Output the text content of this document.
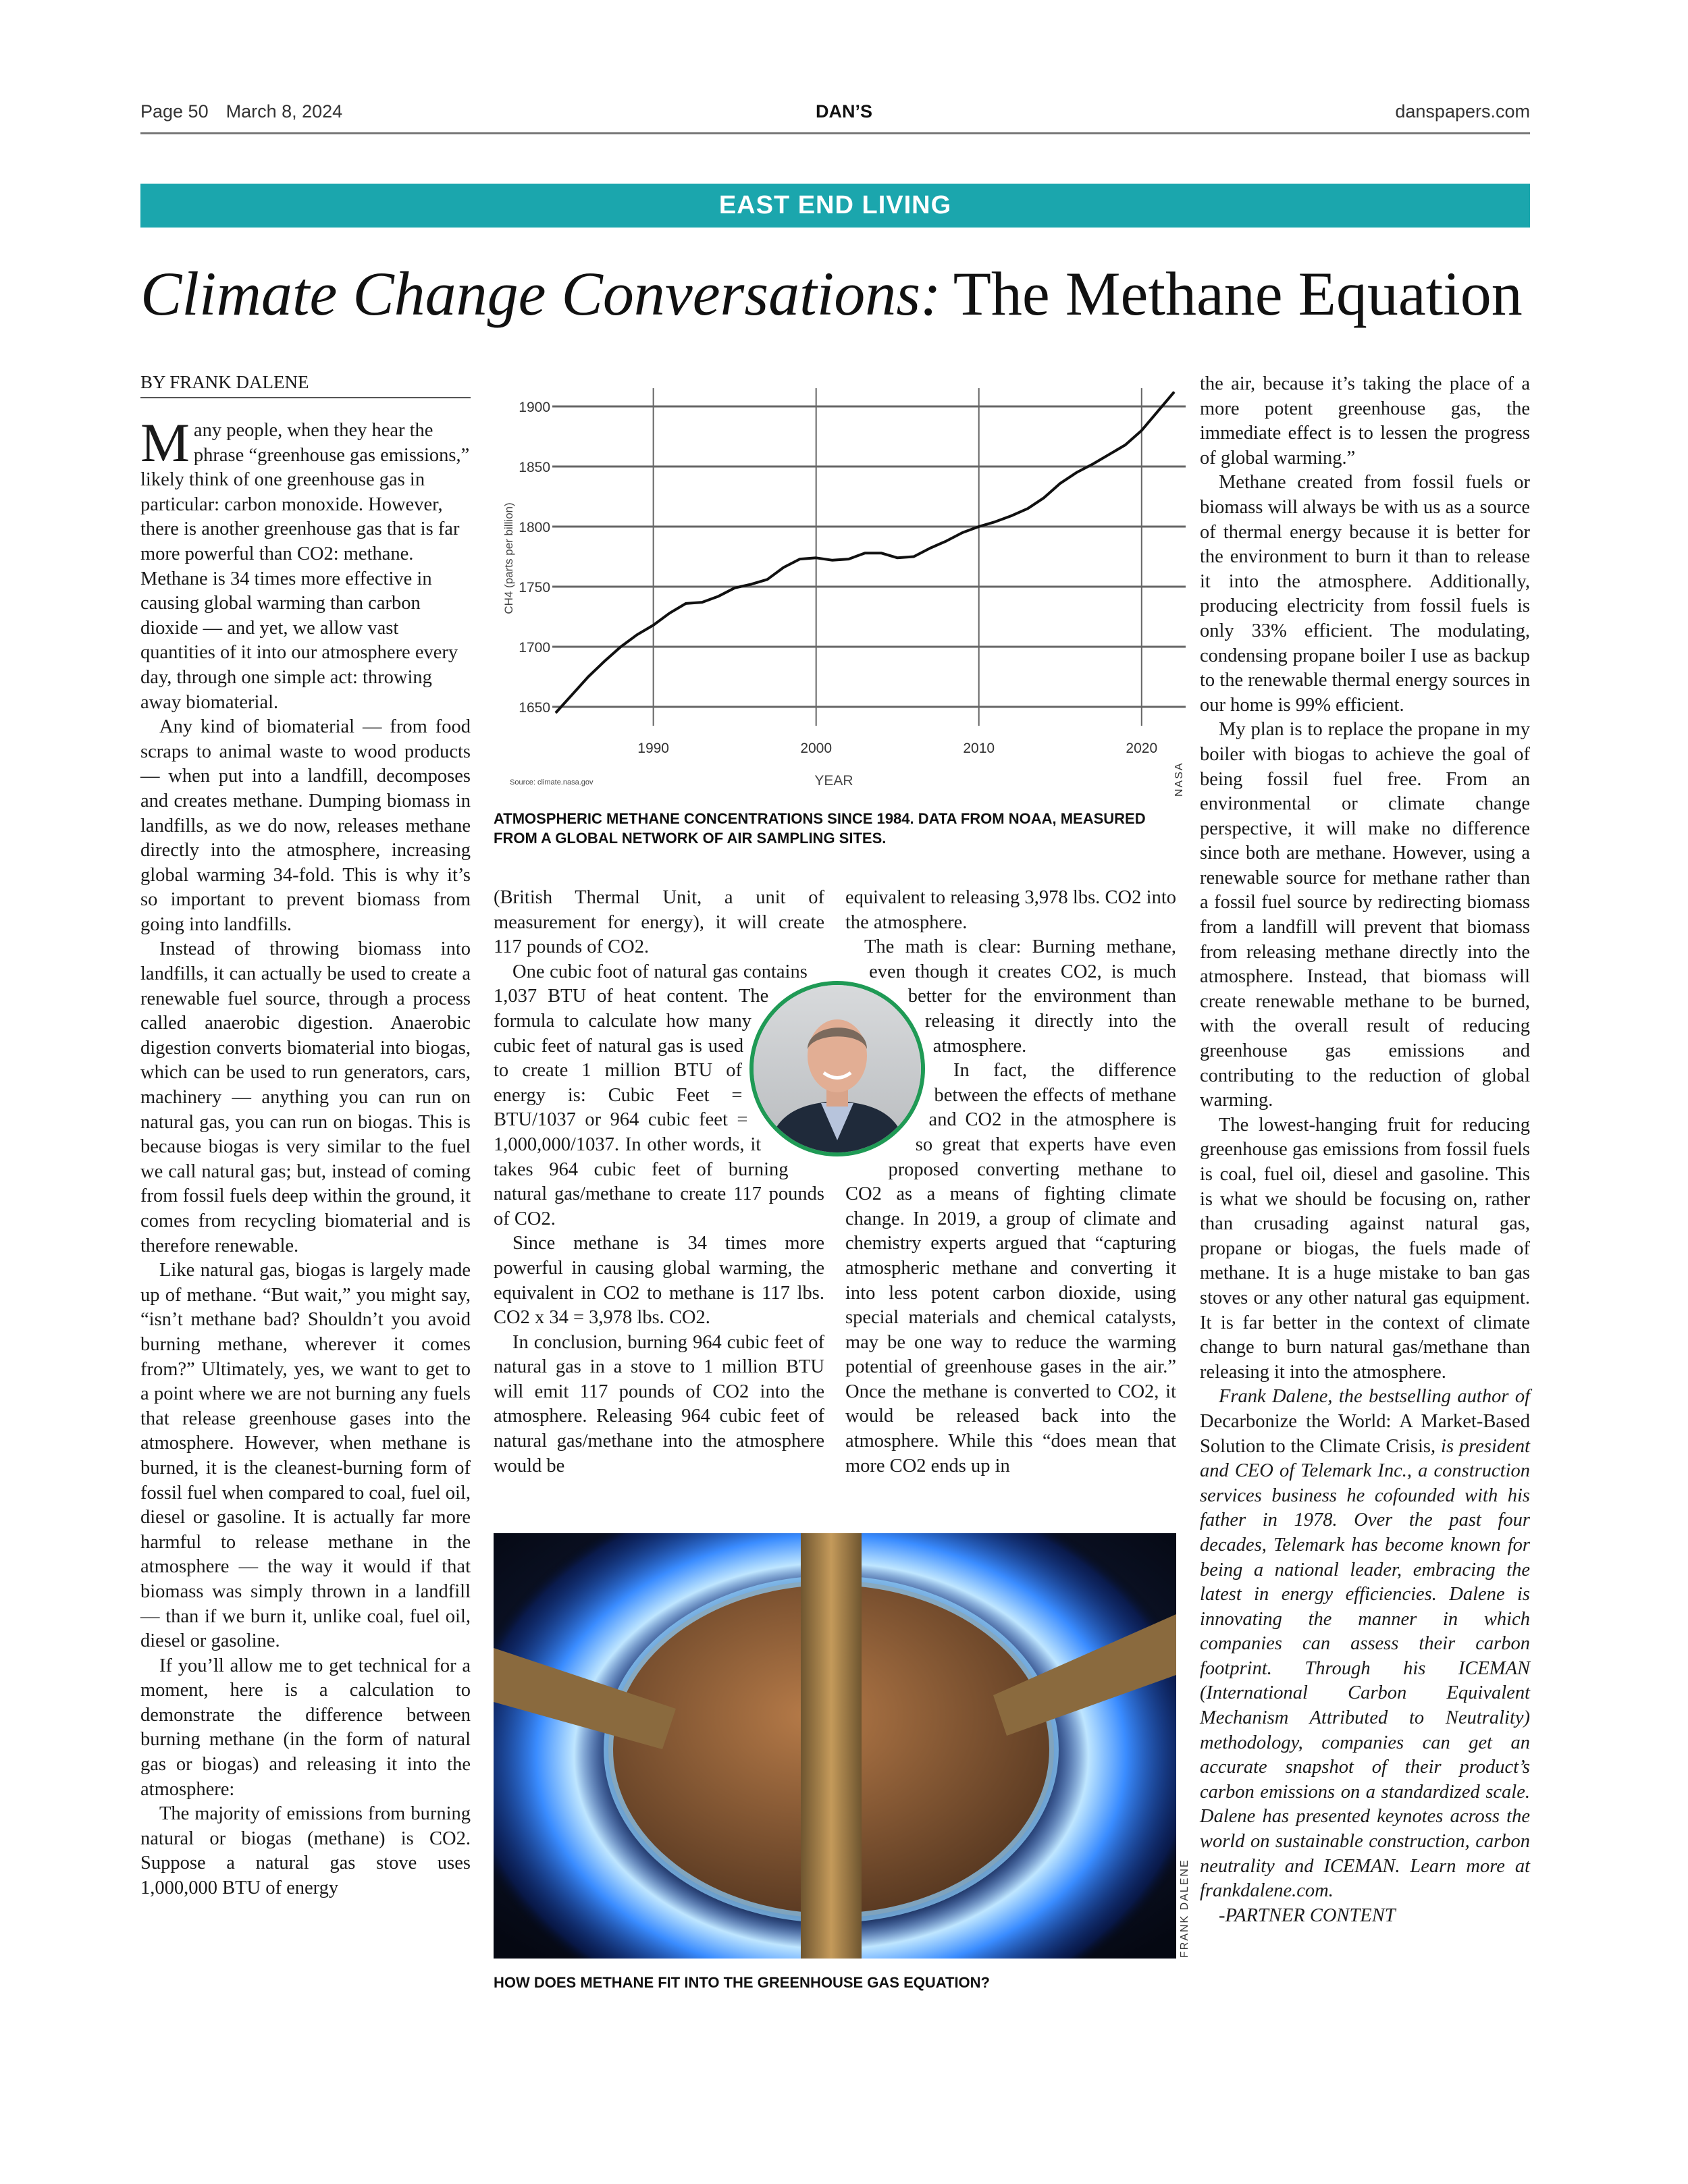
Page 50 March 8, 2024	DAN’S	danspapers.com
EAST END LIVING
Climate Change Conversations: The Methane Equation
BY FRANK DALENE

Many people, when they hear the phrase “greenhouse gas emissions,” likely think of one greenhouse gas in particular: carbon monoxide. However, there is another greenhouse gas that is far more powerful than CO2: methane. Methane is 34 times more effective in causing global warming than carbon dioxide — and yet, we allow vast quantities of it into our atmosphere every day, through one simple act: throwing away biomaterial.

Any kind of biomaterial — from food scraps to animal waste to wood products — when put into a landfill, decomposes and creates methane. Dumping biomass in landfills, as we do now, releases methane directly into the atmosphere, increasing global warming 34-fold. This is why it’s so important to prevent biomass from going into landfills.

Instead of throwing biomass into landfills, it can actually be used to create a renewable fuel source, through a process called anaerobic digestion. Anaerobic digestion converts biomaterial into biogas, which can be used to run generators, cars, machinery — anything you can run on natural gas, you can run on biogas. This is because biogas is very similar to the fuel we call natural gas; but, instead of coming from fossil fuels deep within the ground, it comes from recycling biomaterial and is therefore renewable.

Like natural gas, biogas is largely made up of methane. “But wait,” you might say, “isn’t methane bad? Shouldn’t you avoid burning methane, wherever it comes from?” Ultimately, yes, we want to get to a point where we are not burning any fuels that release greenhouse gases into the atmosphere. However, when methane is burned, it is the cleanest-burning form of fossil fuel when compared to coal, fuel oil, diesel or gasoline. It is actually far more harmful to release methane in the atmosphere — the way it would if that biomass was simply thrown in a landfill — than if we burn it, unlike coal, fuel oil, diesel or gasoline.

If you’ll allow me to get technical for a moment, here is a calculation to demonstrate the difference between burning methane (in the form of natural gas or biogas) and releasing it into the atmosphere:

The majority of emissions from burning natural or biogas (methane) is CO2. Suppose a natural gas stove uses 1,000,000 BTU of energy

1650
1700
1750
1800
1850
1900
1990	2000	2010	2020
YEAR
Source: climate.nasa.gov
CH4 (parts per billion)
NASA
ATMOSPHERIC METHANE CONCENTRATIONS SINCE 1984. DATA FROM NOAA, MEASURED FROM A GLOBAL NETWORK OF AIR SAMPLING SITES.

(British Thermal Unit, a unit of measurement for energy), it will create 117 pounds of CO2.

One cubic foot of natural gas contains 1,037 BTU of heat content. The formula to calculate how many cubic feet of natural gas is used to create 1 million BTU of energy is: Cubic Feet = BTU/1037 or 964 cubic feet = 1,000,000/1037. In other words, it takes 964 cubic feet of burning natural gas/methane to create 117 pounds of CO2.

Since methane is 34 times more powerful in causing global warming, the equivalent in CO2 to methane is 117 lbs. CO2 x 34 = 3,978 lbs. CO2.

In conclusion, burning 964 cubic feet of natural gas in a stove to 1 million BTU will emit 117 pounds of CO2 into the atmosphere. Releasing 964 cubic feet of natural gas/methane into the atmosphere would be

equivalent to releasing 3,978 lbs. CO2 into the atmosphere.

The math is clear: Burning methane, even though it creates CO2, is much better for the environment than releasing it directly into the atmosphere.

In fact, the difference between the effects of methane and CO2 in the atmosphere is so great that experts have even proposed converting methane to CO2 as a means of fighting climate change. In 2019, a group of climate and chemistry experts argued that “capturing atmospheric methane and converting it into less potent carbon dioxide, using special materials and chemical catalysts, may be one way to reduce the warming potential of greenhouse gases in the air.” Once the methane is converted to CO2, it would be released back into the atmosphere. While this “does mean that more CO2 ends up in

FRANK DALENE
HOW DOES METHANE FIT INTO THE GREENHOUSE GAS EQUATION?

the air, because it’s taking the place of a more potent greenhouse gas, the immediate effect is to lessen the progress of global warming.”

Methane created from fossil fuels or biomass will always be with us as a source of thermal energy because it is better for the environment to burn it than to release it into the atmosphere. Additionally, producing electricity from fossil fuels is only 33% efficient. The modulating, condensing propane boiler I use as backup to the renewable thermal energy sources in our home is 99% efficient.

My plan is to replace the propane in my boiler with biogas to achieve the goal of being fossil fuel free. From an environmental or climate change perspective, it will make no difference since both are methane. However, using a renewable source for methane rather than a fossil fuel source by redirecting biomass from a landfill will prevent that biomass from releasing methane directly into the atmosphere. Instead, that biomass will create renewable methane to be burned, with the overall result of reducing greenhouse gas emissions and contributing to the reduction of global warming.

The lowest-hanging fruit for reducing greenhouse gas emissions from fossil fuels is coal, fuel oil, diesel and gasoline. This is what we should be focusing on, rather than crusading against natural gas, propane or biogas, the fuels made of methane. It is a huge mistake to ban gas stoves or any other natural gas equipment. It is far better in the context of climate change to burn natural gas/methane than releasing it into the atmosphere.

Frank Dalene, the bestselling author of Decarbonize the World: A Market-Based Solution to the Climate Crisis, is president and CEO of Telemark Inc., a construction services business he cofounded with his father in 1978. Over the past four decades, Telemark has become known for being a national leader, embracing the latest in energy efficiencies. Dalene is innovating the manner in which companies can assess their carbon footprint. Through his ICEMAN (International Carbon Equivalent Mechanism Attributed to Neutrality) methodology, companies can get an accurate snapshot of their product’s carbon emissions on a standardized scale. Dalene has presented keynotes across the world on sustainable construction, carbon neutrality and ICEMAN. Learn more at frankdalene.com.

-PARTNER CONTENT
